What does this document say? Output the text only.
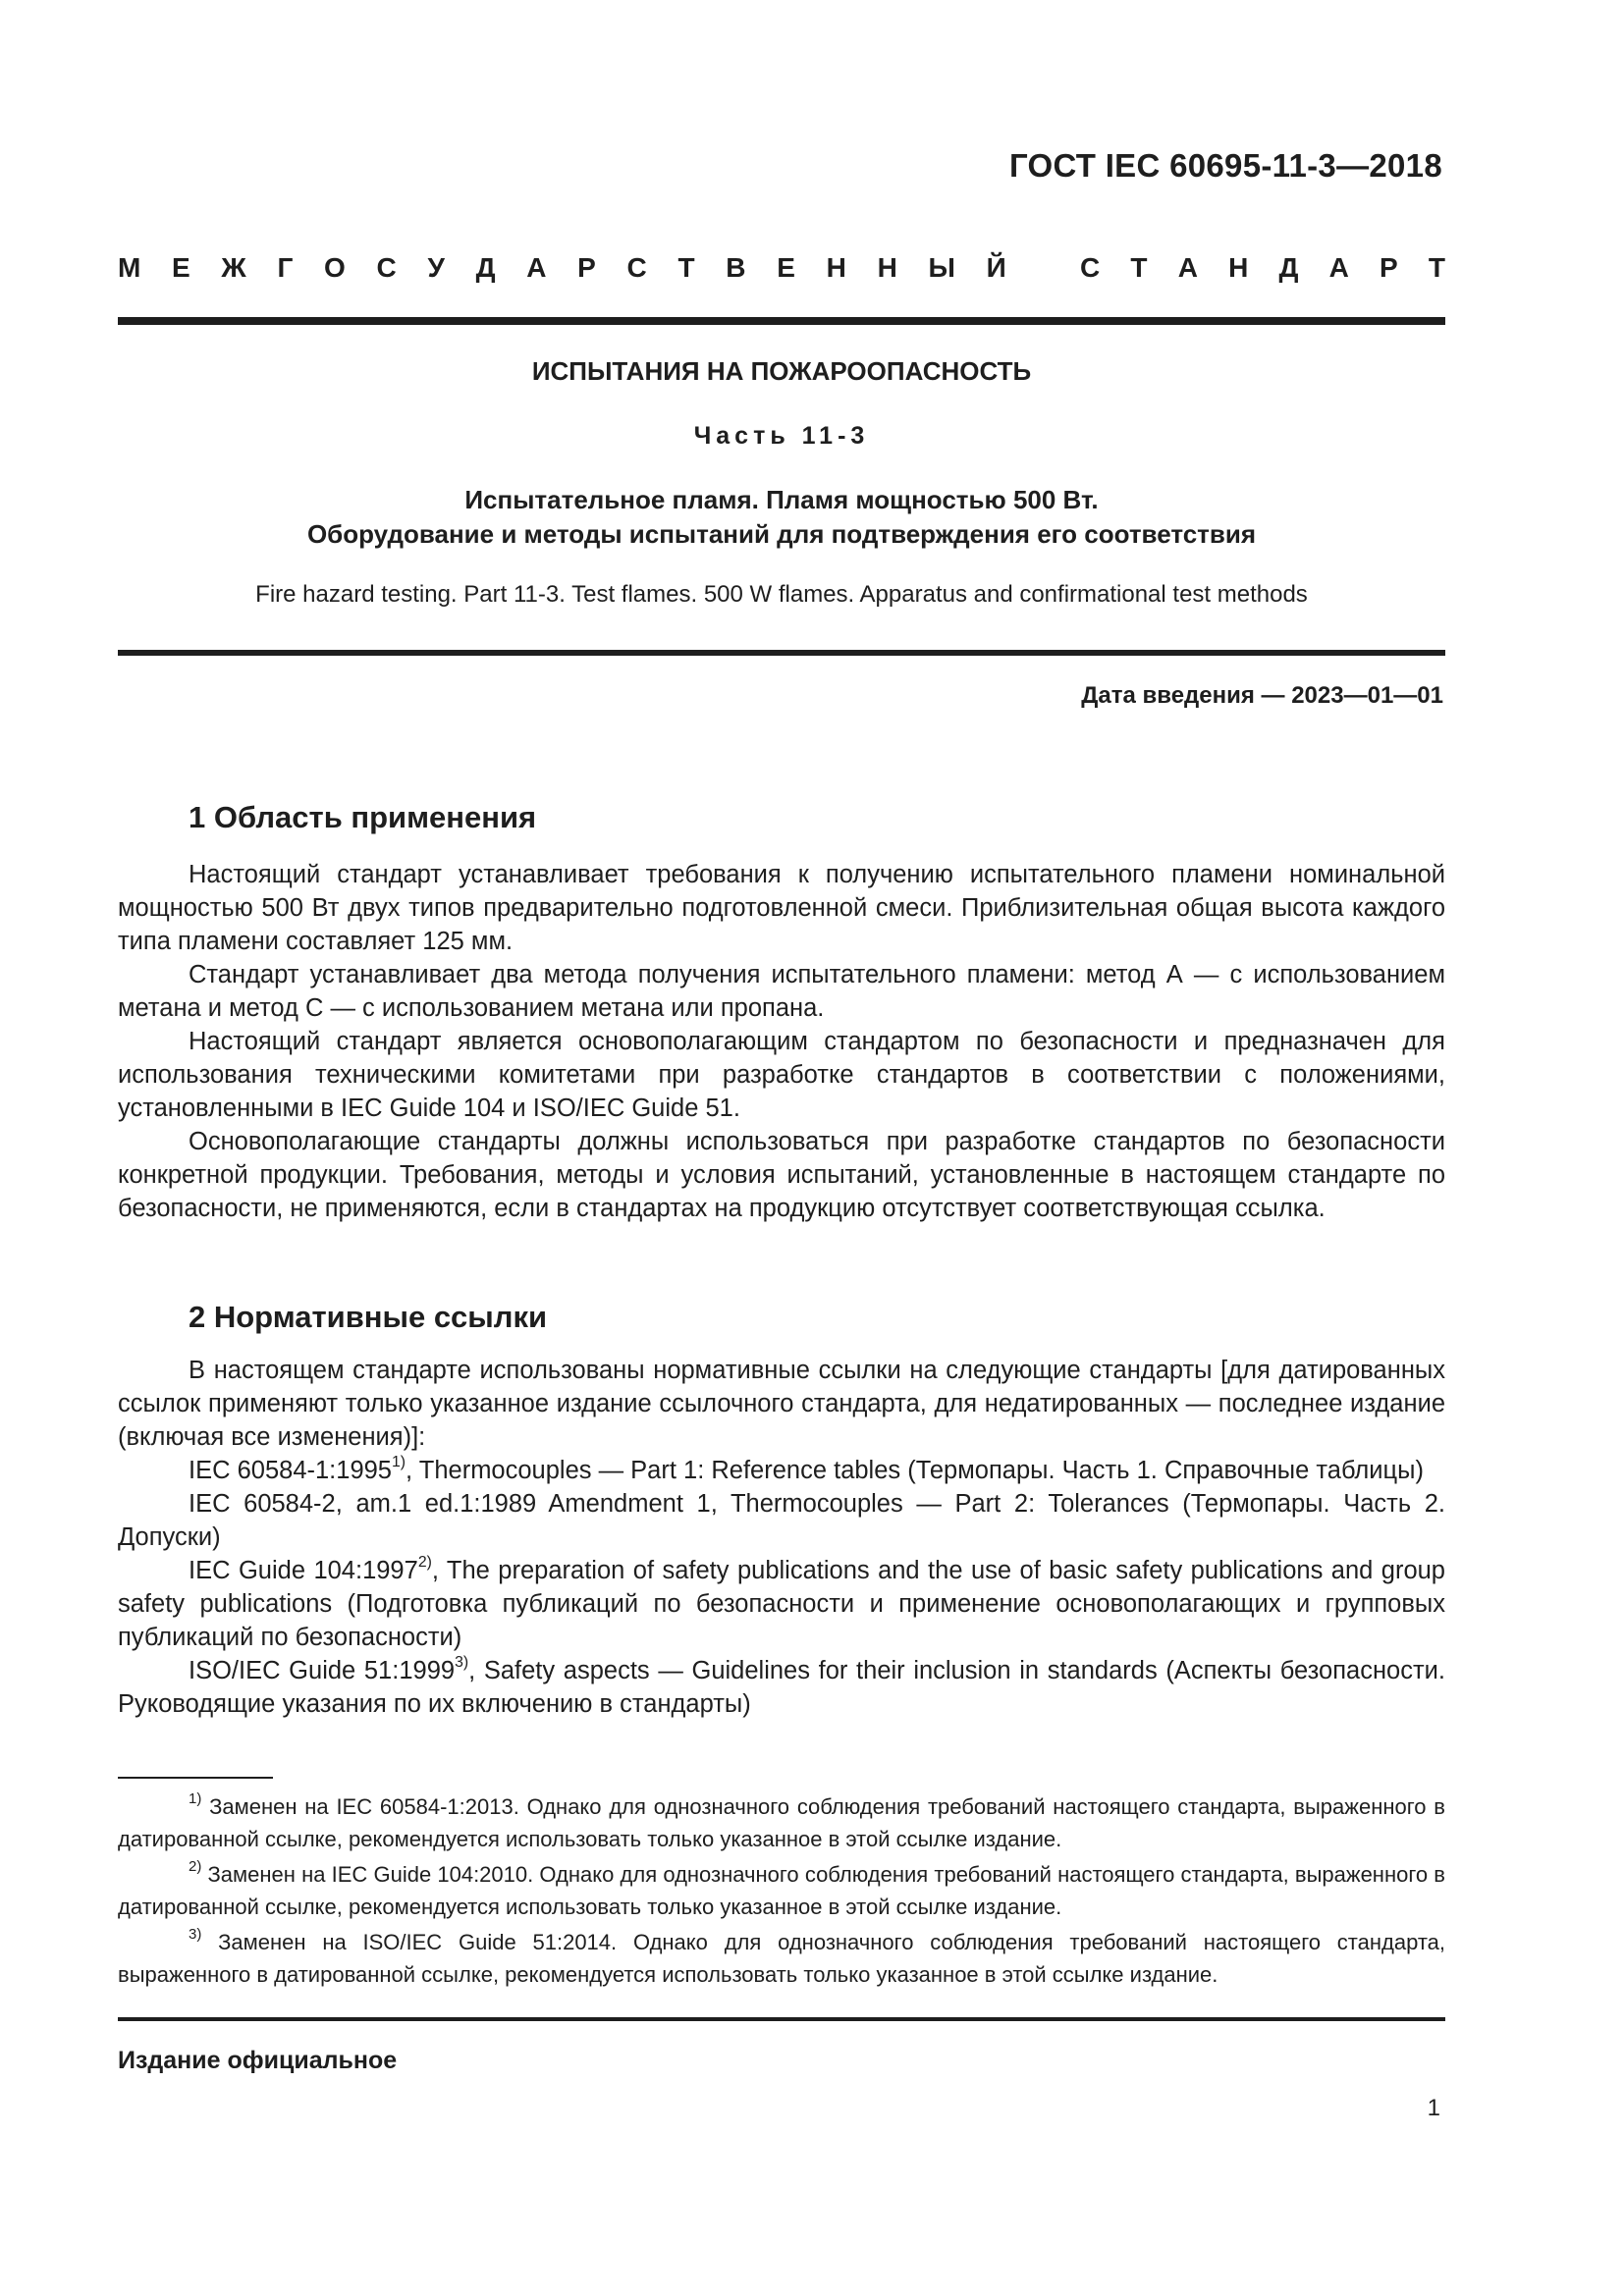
ГОСТ IEC 60695-11-3—2018
М Е Ж Г О С У Д А Р С Т В Е Н Н Ы Й	С Т А Н Д А Р Т
ИСПЫТАНИЯ НА ПОЖАРООПАСНОСТЬ
Часть 11-3
Испытательное пламя. Пламя мощностью 500 Вт.
Оборудование и методы испытаний для подтверждения его соответствия
Fire hazard testing. Part 11-3. Test flames. 500 W flames. Apparatus and confirmational test methods
Дата введения — 2023—01—01
1 Область применения

Настоящий стандарт устанавливает требования к получению испытательного пламени номинальной мощностью 500 Вт двух типов предварительно подготовленной смеси. Приблизительная общая высота каждого типа пламени составляет 125 мм.

Стандарт устанавливает два метода получения испытательного пламени: метод А — с использованием метана и метод С — с использованием метана или пропана.

Настоящий стандарт является основополагающим стандартом по безопасности и предназначен для использования техническими комитетами при разработке стандартов в соответствии с положениями, установленными в IEC Guide 104 и ISO/IEC Guide 51.

Основополагающие стандарты должны использоваться при разработке стандартов по безопасности конкретной продукции. Требования, методы и условия испытаний, установленные в настоящем стандарте по безопасности, не применяются, если в стандартах на продукцию отсутствует соответствующая ссылка.

2 Нормативные ссылки

В настоящем стандарте использованы нормативные ссылки на следующие стандарты [для датированных ссылок применяют только указанное издание ссылочного стандарта, для недатированных — последнее издание (включая все изменения)]:

IEC 60584-1:1995$^{1)}$, Thermocouples — Part 1: Reference tables (Термопары. Часть 1. Справочные таблицы)

IEC 60584-2, am.1 ed.1:1989 Amendment 1, Thermocouples — Part 2: Tolerances (Термопары. Часть 2. Допуски)

IEC Guide 104:1997$^{2)}$, The preparation of safety publications and the use of basic safety publications and group safety publications (Подготовка публикаций по безопасности и применение основополагающих и групповых публикаций по безопасности)

ISO/IEC Guide 51:1999$^{3)}$, Safety aspects — Guidelines for their inclusion in standards (Аспекты безопасности. Руководящие указания по их включению в стандарты)

$^{1)}$ Заменен на IEC 60584-1:2013. Однако для однозначного соблюдения требований настоящего стандарта, выраженного в датированной ссылке, рекомендуется использовать только указанное в этой ссылке издание.

$^{2)}$ Заменен на IEC Guide 104:2010. Однако для однозначного соблюдения требований настоящего стандарта, выраженного в датированной ссылке, рекомендуется использовать только указанное в этой ссылке издание.

$^{3)}$ Заменен на ISO/IEC Guide 51:2014. Однако для однозначного соблюдения требований настоящего стандарта, выраженного в датированной ссылке, рекомендуется использовать только указанное в этой ссылке издание.

Издание официальное
1
